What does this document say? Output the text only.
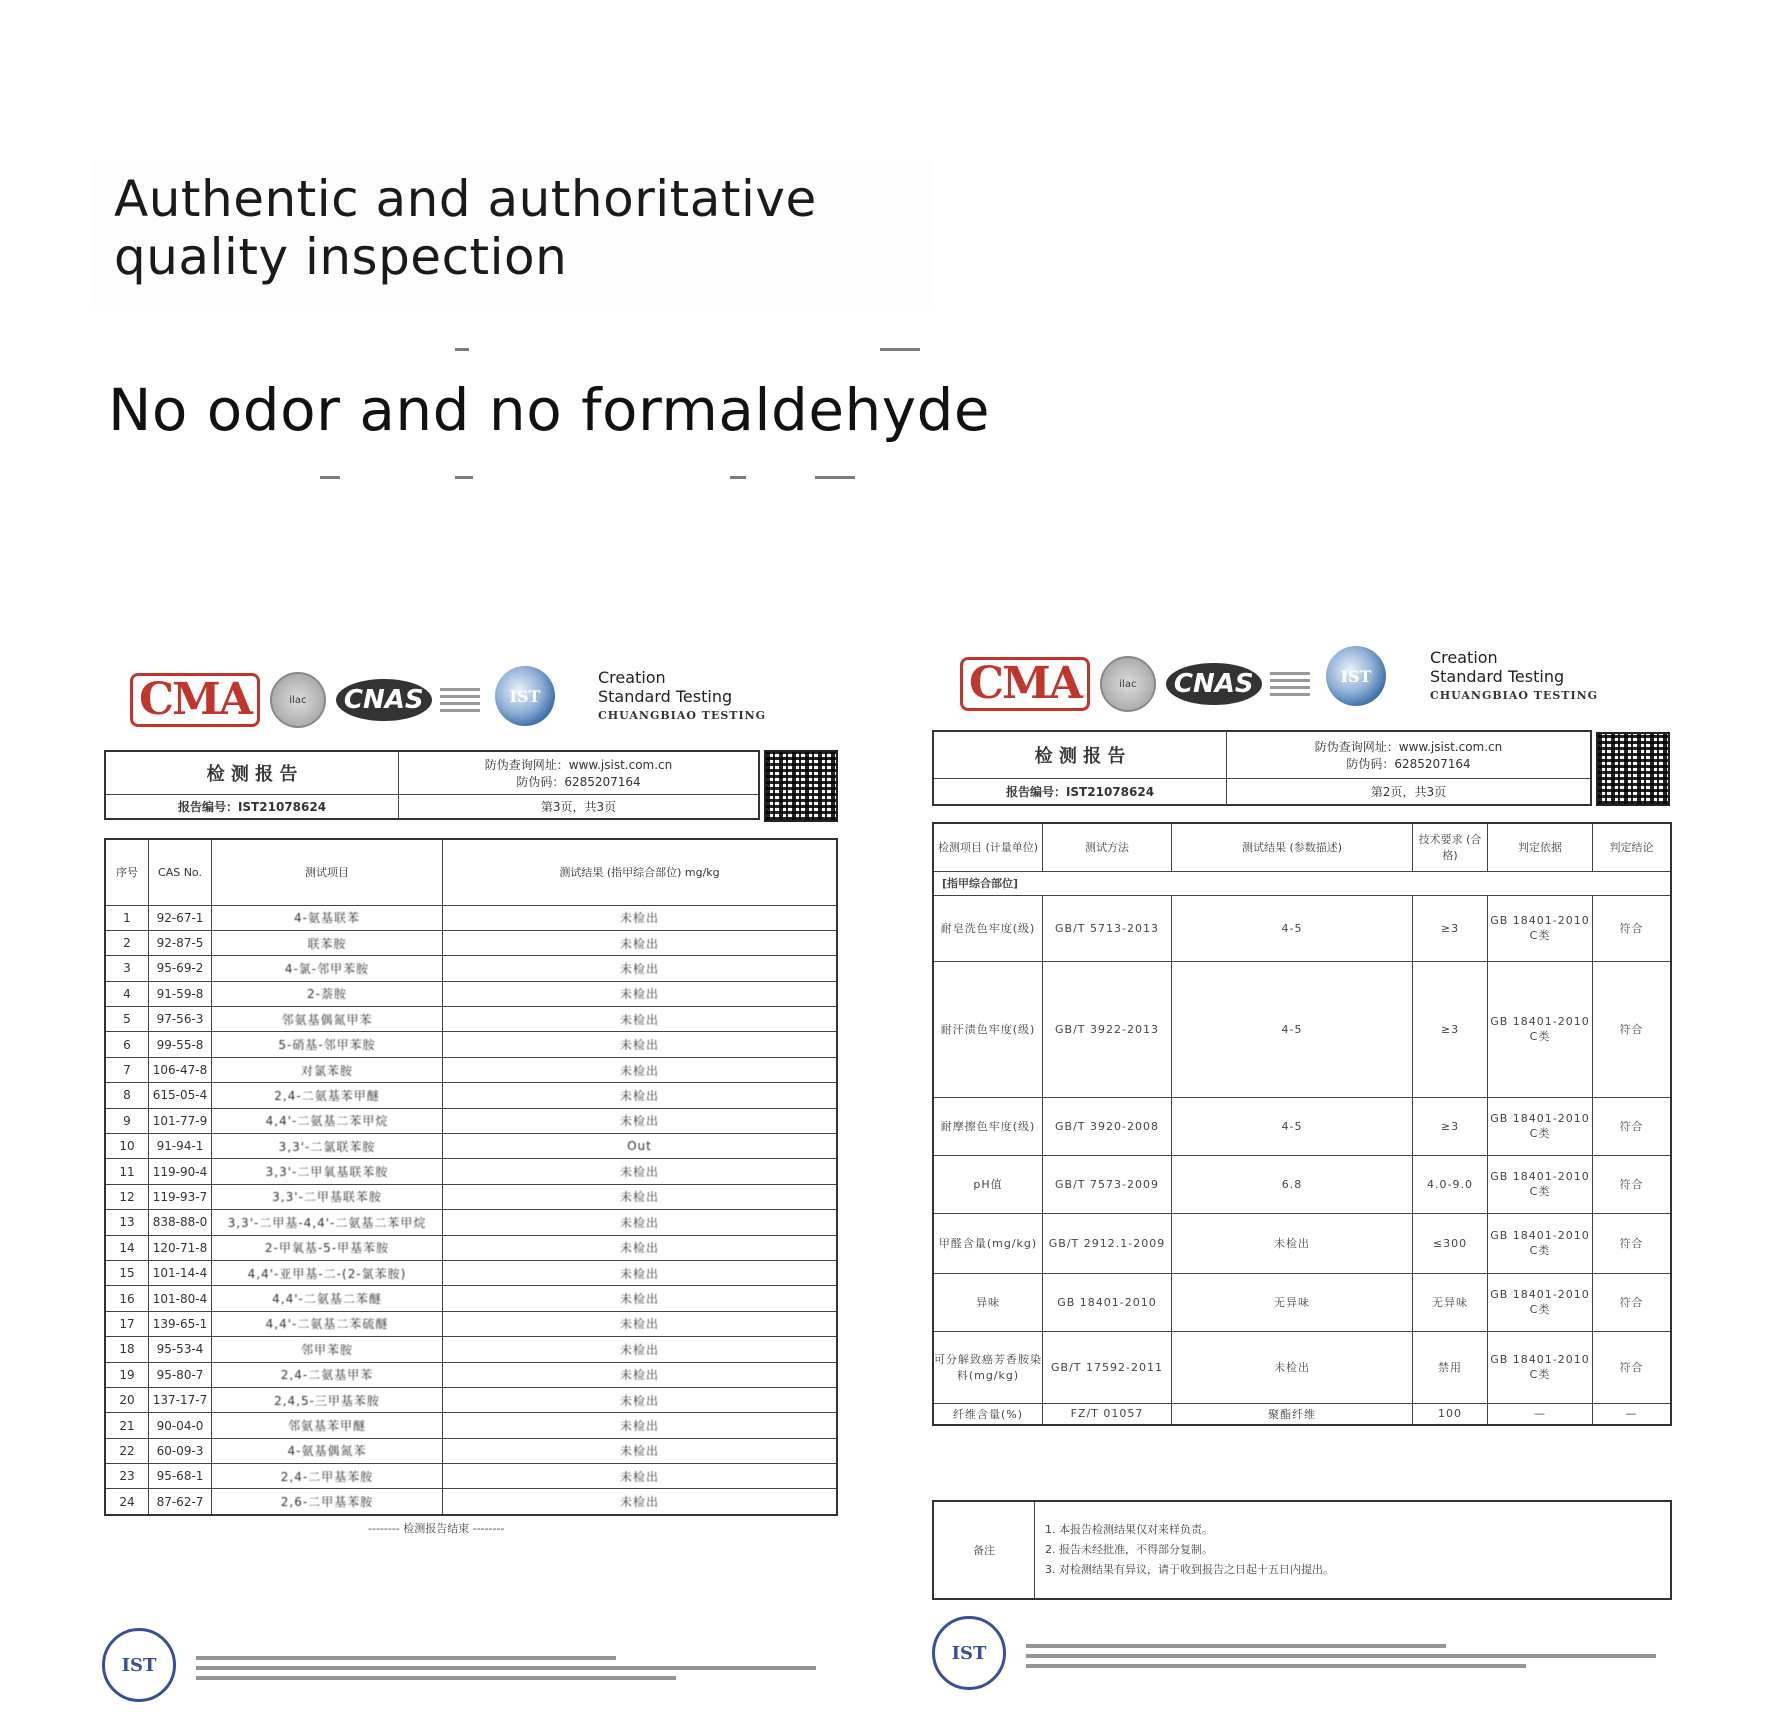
Authentic and authoritative
quality inspection
No odor and no formaldehyde
CMA	ilac	CNAS	IST
Creation
Standard Testing
CHUANGBIAO TESTING
检 测 报 告	防伪查询网址：www.jsist.com.cn
防伪码：6285207164

报告编号：IST21078624	第3页，共3页
序号	CAS No.	测试项目	测试结果 (指甲综合部位) mg/kg
1	92-67-1	4-氨基联苯	未检出
2	92-87-5	联苯胺	未检出
3	95-69-2	4-氯-邻甲苯胺	未检出
4	91-59-8	2-萘胺	未检出
5	97-56-3	邻氨基偶氮甲苯	未检出
6	99-55-8	5-硝基-邻甲苯胺	未检出
7	106-47-8	对氯苯胺	未检出
8	615-05-4	2,4-二氨基苯甲醚	未检出
9	101-77-9	4,4'-二氨基二苯甲烷	未检出
10	91-94-1	3,3'-二氯联苯胺	Out
11	119-90-4	3,3'-二甲氧基联苯胺	未检出
12	119-93-7	3,3'-二甲基联苯胺	未检出
13	838-88-0	3,3'-二甲基-4,4'-二氨基二苯甲烷	未检出
14	120-71-8	2-甲氧基-5-甲基苯胺	未检出
15	101-14-4	4,4'-亚甲基-二-(2-氯苯胺)	未检出
16	101-80-4	4,4'-二氨基二苯醚	未检出
17	139-65-1	4,4'-二氨基二苯硫醚	未检出
18	95-53-4	邻甲苯胺	未检出
19	95-80-7	2,4-二氨基甲苯	未检出
20	137-17-7	2,4,5-三甲基苯胺	未检出
21	90-04-0	邻氨基苯甲醚	未检出
22	60-09-3	4-氨基偶氮苯	未检出
23	95-68-1	2,4-二甲基苯胺	未检出
24	87-62-7	2,6-二甲基苯胺	未检出
-------- 检测报告结束 --------
IST
CMA	ilac	CNAS	IST
Creation
Standard Testing
CHUANGBIAO TESTING
检 测 报 告	防伪查询网址：www.jsist.com.cn
防伪码：6285207164

报告编号：IST21078624	第2页，共3页
检测项目 (计量单位)	测试方法	测试结果 (参数描述)	技术要求 (合格)	判定依据	判定结论
[指甲综合部位]					
耐皂洗色牢度(级)	GB/T 5713-2013	4-5	≥3	GB 18401-2010 C类	符合
耐汗渍色牢度(级)	GB/T 3922-2013	4-5	≥3	GB 18401-2010 C类	符合
耐摩擦色牢度(级)	GB/T 3920-2008	4-5	≥3	GB 18401-2010 C类	符合
pH值	GB/T 7573-2009	6.8	4.0-9.0	GB 18401-2010 C类	符合
甲醛含量(mg/kg)	GB/T 2912.1-2009	未检出	≤300	GB 18401-2010 C类	符合
异味	GB 18401-2010	无异味	无异味	GB 18401-2010 C类	符合
可分解致癌芳香胺染料(mg/kg)	GB/T 17592-2011	未检出	禁用	GB 18401-2010 C类	符合
纤维含量(%)	FZ/T 01057	聚酯纤维	100	—	—
备注	
1. 本报告检测结果仅对来样负责。
2. 报告未经批准，不得部分复制。
3. 对检测结果有异议，请于收到报告之日起十五日内提出。
IST
